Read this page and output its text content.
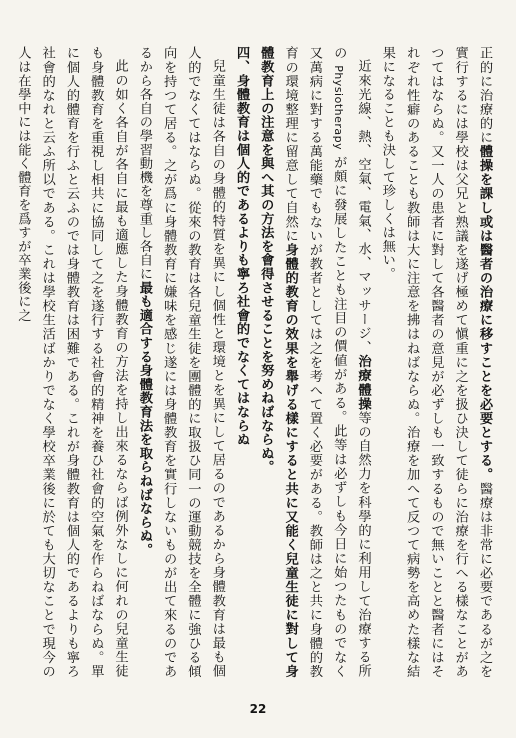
正的に治療的に體操を課し或は醫者の治療に移すことを必要とする。醫療は非常に必要であるが之を實行するには學校は父兄と熟議を遂げ極めて愼重に之を扱ひ決して徒らに治療を行へる樣なことがあつてはならぬ。又一人の患者に對して各醫者の意見が必ずしも一致するもので無いことと醫者にはそれぞれ性癖のあることも教師は大に注意を拂はねばならぬ。治療を加へて反つて病勢を高めた樣な結果になることも決して珍しくは無い。

近來光線、熱、空氣、電氣、水、マッサージ、治療體操等の自然力を科學的に利用して治療する所の Physiotherapy が頗に發展したことも注目の價値がある。此等は必ずしも今日に始つたものでなく又萬病に對する萬能藥でもないが教者としては之を考へて置く必要がある。教師は之と共に身體的教育の環境整理に留意して自然に身體的教育の效果を舉げる樣にすると共に又能く兒童生徒に對して身體教育上の注意を與へ其の方法を會得させることを努めねばならぬ。

四、身體教育は個人的であるよりも寧ろ社會的でなくてはならぬ

兒童生徒は各自の身體的特質を異にし個性と環境とを異にして居るのであるから身體教育は最も個人的でなくてはならぬ。從來の教育は各兒童生徒を團體的に取扱ひ同一の運動競技を全體に強ひる傾向を持つて居る。之が爲に身體教育に嫌味を感じ遂には身體教育を實行しないものが出て來るのであるから各自の學習動機を尊重し各自に最も適合する身體教育法を取らねばならぬ。

此の如く各自が各自に最も適應した身體教育の方法を持し出來るならば例外なしに何れの兒童生徒も身體教育を重視し相共に協同して之を遂行する社會的精神を養ひ社會的空氣を作らねばならぬ。單に個人的體育を行ふと云ふのでは身體教育は困難である。これが身體教育は個人的であるよりも寧ろ社會的なれと云ふ所以である。これは學校生活ばかりでなく學校卒業後に於ても大切なことで現今の人は在學中には能く體育を爲すが卒業後に之

22
